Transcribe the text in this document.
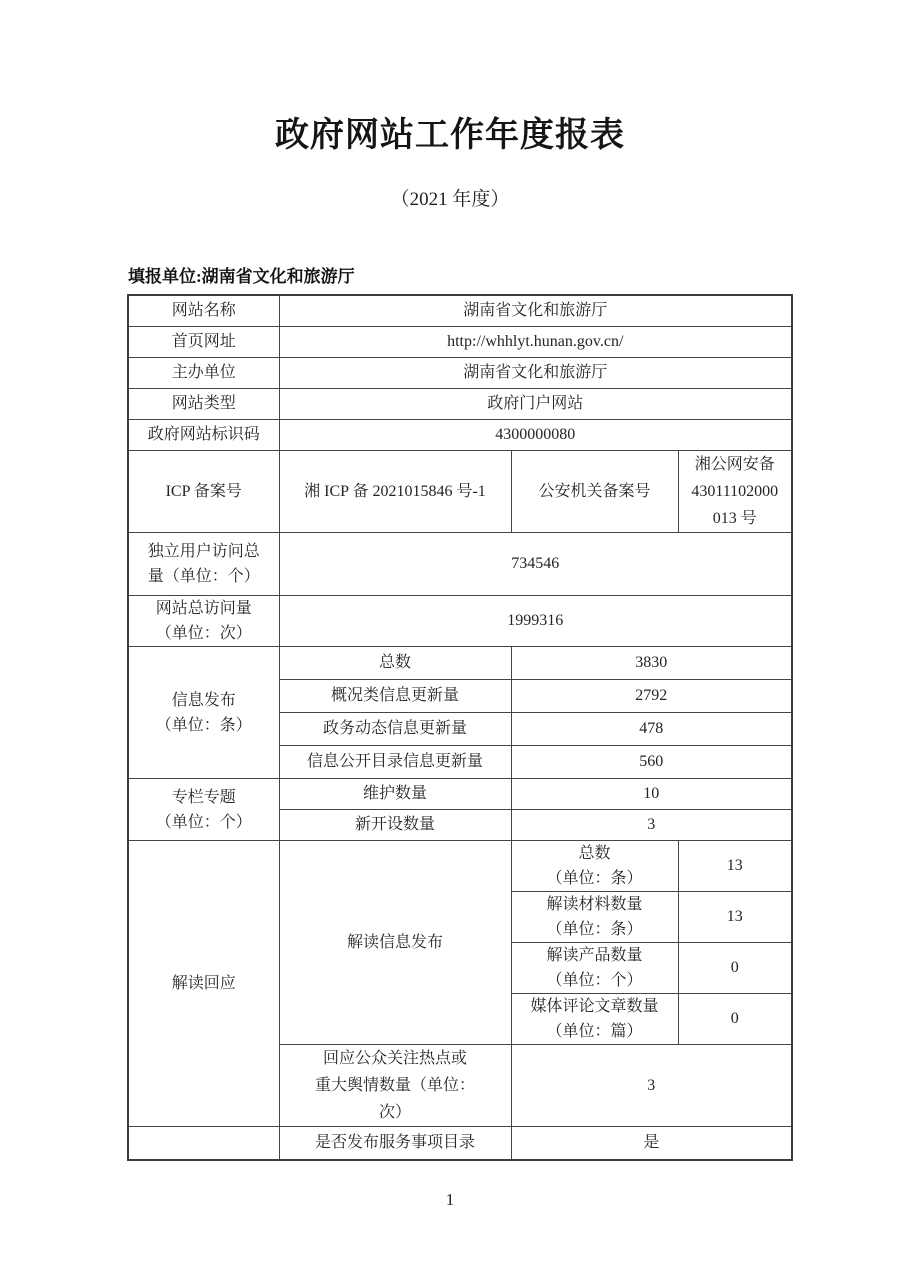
政府网站工作年度报表
（2021 年度）
填报单位:湖南省文化和旅游厅
网站名称	湖南省文化和旅游厅		
首页网址	http://whhlyt.hunan.gov.cn/		
主办单位	湖南省文化和旅游厅		
网站类型	政府门户网站		
政府网站标识码	4300000080		
ICP 备案号	湘 ICP 备 2021015846 号-1	公安机关备案号	湘公网安备
43011102000
013 号

独立用户访问总
量（单位：个）	734546		

网站总访问量
（单位：次）	1999316		

信息发布
（单位：条）	总数	3830	
	概况类信息更新量	2792	
	政务动态信息更新量	478	
	信息公开目录信息更新量	560	

专栏专题
（单位：个）	维护数量	10	
	新开设数量	3	
解读回应	解读信息发布	总数
（单位：条）	13

		解读材料数量
（单位：条）	13

		解读产品数量
（单位：个）	0

		媒体评论文章数量
（单位：篇）	0

	回应公众关注热点或
重大舆情数量（单位：
次）	3	
	是否发布服务事项目录	是	
1
